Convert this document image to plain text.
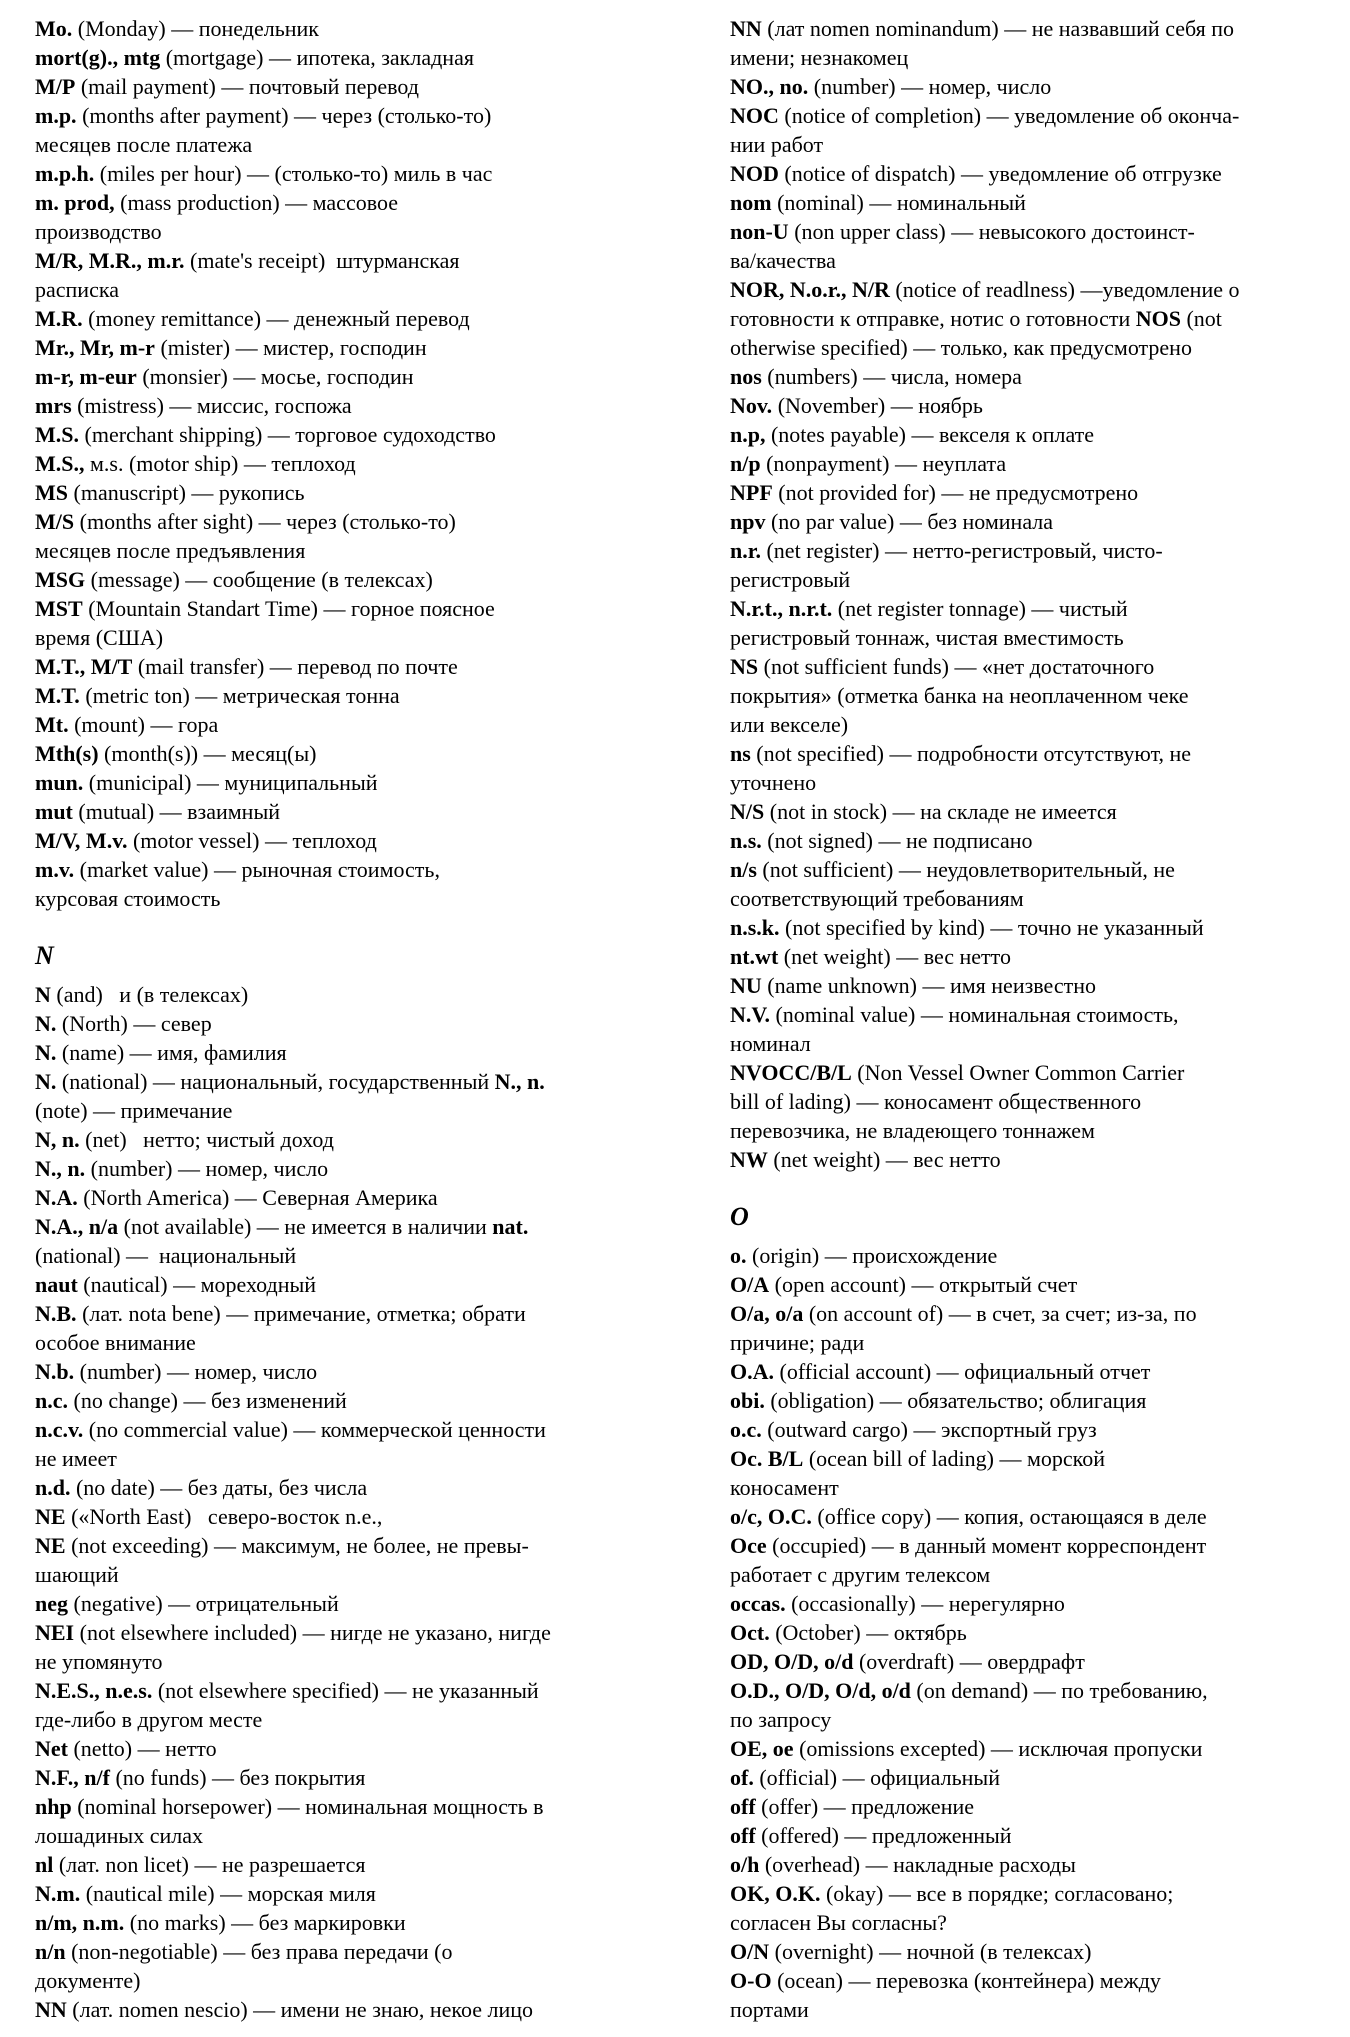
Mo. (Monday) — понедельник

mort(g)., mtg (mortgage) — ипотека, закладная

M/P (mail payment) — почтовый перевод

m.p. (months after payment) — через (столько-то)
месяцев после платежа

m.p.h. (miles per hour) — (столько-то) миль в час

m. prod, (mass production) — массовое
производство

M/R, M.R., m.r. (mate's receipt)  штурманская
расписка

M.R. (money remittance) — денежный перевод

Mr., Mr, m-r (mister) — мистер, господин

m-r, m-eur (monsier) — мосье, господин

mrs (mistress) — миссис, госпожа

M.S. (merchant shipping) — торговое судоходство

M.S., м.s. (motor ship) — теплоход

MS (manuscript) — рукопись

M/S (months after sight) — через (столько-то)
месяцев после предъявления

MSG (message) — сообщение (в телексах)

MST (Mountain Standart Time) — горное поясное
время (США)

M.T., M/T (mail transfer) — перевод по почте

M.T. (metric ton) — метрическая тонна

Mt. (mount) — гора

Mth(s) (month(s)) — месяц(ы)

mun. (municipal) — муниципальный

mut (mutual) — взаимный

M/V, M.v. (motor vessel) — теплоход

m.v. (market value) — рыночная стоимость,
курсовая стоимость

N

N (and)   и (в телексах)

N. (North) — север

N. (name) — имя, фамилия

N. (national) — национальный, государственный N., n.
(note) — примечание

N, n. (net)   нетто; чистый доход

N., n. (number) — номер, число

N.A. (North America) — Северная Америка

N.A., n/a (not available) — не имеется в наличии nat.
(national) —  национальный

naut (nautical) — мореходный

N.B. (лат. nota bene) — примечание, отметка; обрати
особое внимание

N.b. (number) — номер, число

n.c. (no change) — без изменений

n.c.v. (no commercial value) — коммерческой ценности
не имеет

n.d. (no date) — без даты, без числа

NE («North East)   северо-восток n.e.,

NE (not exceeding) — максимум, не более, не превы-
шающий

neg (negative) — отрицательный

NEI (not elsewhere included) — нигде не указано, нигде
не упомянуто

N.E.S., n.e.s. (not elsewhere specified) — не указанный
где-либо в другом месте

Net (netto) — нетто

N.F., n/f (no funds) — без покрытия

nhp (nominal horsepower) — номинальная мощность в
лошадиных силах

nl (лат. non licet) — не разрешается

N.m. (nautical mile) — морская миля

n/m, n.m. (no marks) — без маркировки

n/n (non-negotiable) — без права передачи (о
документе)

NN (лат. nomen nescio) — имени не знаю, некое лицо

NN (лат nomen nominandum) — не назвавший себя по
имени; незнакомец

NO., no. (number) — номер, число

NOC (notice of completion) — уведомление об оконча-
нии работ

NOD (notice of dispatch) — уведомление об отгрузке

nom (nominal) — номинальный

non-U (non upper class) — невысокого достоинст-
ва/качества

NOR, N.o.r., N/R (notice of readlness) —уведомление о
готовности к отправке, нотис о готовности NOS (not
otherwise specified) — только, как предусмотрено

nos (numbers) — числа, номера

Nov. (November) — ноябрь

n.p, (notes payable) — векселя к оплате

n/p (nonpayment) — неуплата

NPF (not provided for) — не предусмотрено

npv (no par value) — без номинала

n.r. (net register) — нетто-регистровый, чисто-
регистровый

N.r.t., n.r.t. (net register tonnage) — чистый
регистровый тоннаж, чистая вместимость

NS (not sufficient funds) — «нет достаточного
покрытия» (отметка банка на неоплаченном чеке
или векселе)

ns (not specified) — подробности отсутствуют, не
уточнено

N/S (not in stock) — на складе не имеется

n.s. (not signed) — не подписано

n/s (not sufficient) — неудовлетворительный, не
соответствующий требованиям

n.s.k. (not specified by kind) — точно не указанный

nt.wt (net weight) — вес нетто

NU (name unknown) — имя неизвестно

N.V. (nominal value) — номинальная стоимость,
номинал

NVOCC/B/L (Non Vessel Owner Common Carrier
bill of lading) — коносамент общественного
перевозчика, не владеющего тоннажем

NW (net weight) — вес нетто

O

o. (origin) — происхождение

O/A (open account) — открытый счет

O/a, o/a (on account of) — в счет, за счет; из-за, по
причине; ради

O.A. (official account) — официальный отчет

obi. (obligation) — обязательство; облигация

o.c. (outward cargo) — экспортный груз

Oc. B/L (ocean bill of lading) — морской
коносамент

o/c, O.C. (office copy) — копия, остающаяся в деле

Oce (occupied) — в данный момент корреспондент
работает с другим телексом

occas. (occasionally) — нерегулярно

Oct. (October) — октябрь

OD, O/D, o/d (overdraft) — овердрафт

O.D., O/D, O/d, o/d (on demand) — по требованию,
по запросу

OE, oe (omissions excepted) — исключая пропуски

of. (official) — официальный

off (offer) — предложение

off (offered) — предложенный

o/h (overhead) — накладные расходы

OK, O.K. (okay) — все в порядке; согласовано;
согласен Вы согласны?

O/N (overnight) — ночной (в телексах)

O-O (ocean) — перевозка (контейнера) между
портами
